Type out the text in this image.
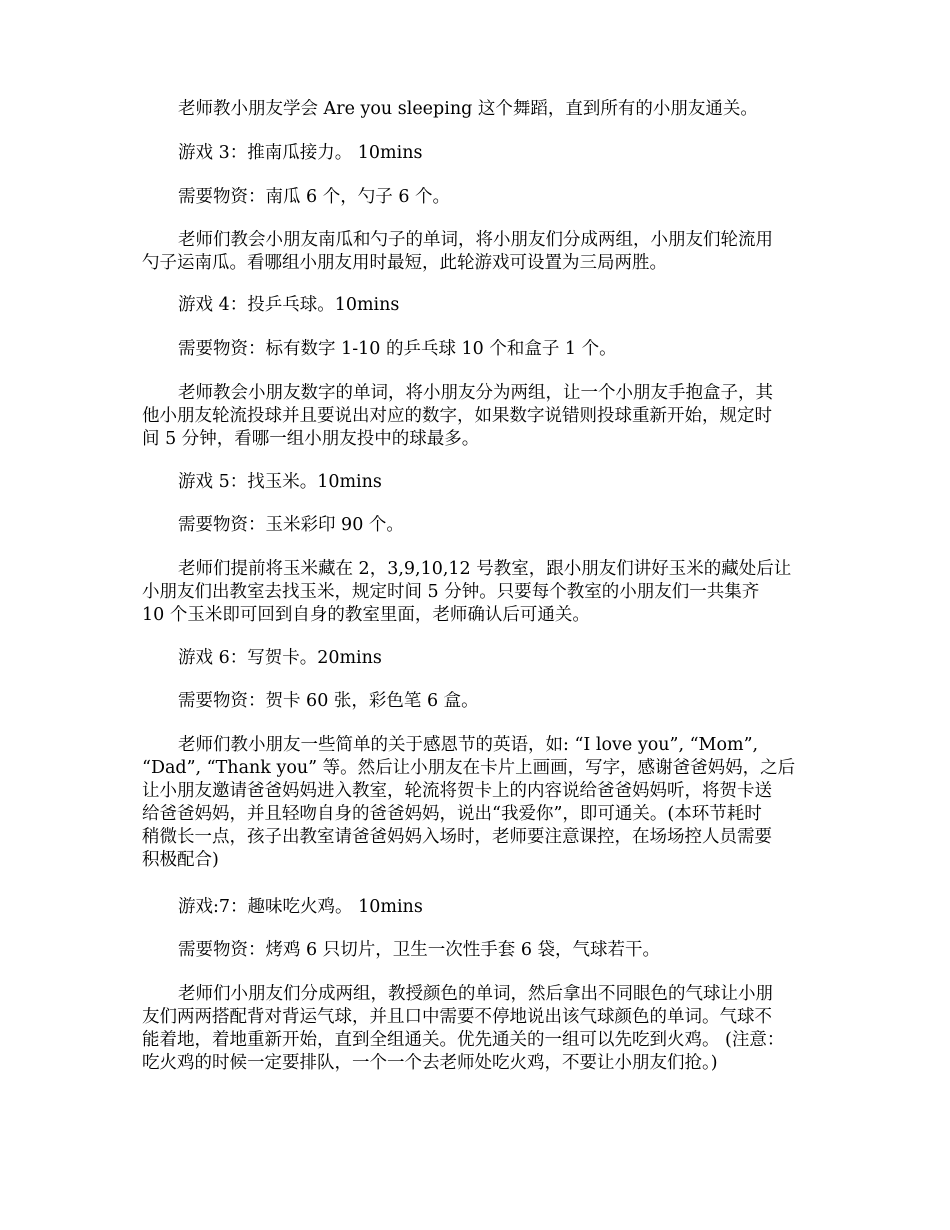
老师教小朋友学会 Are you sleeping 这个舞蹈，直到所有的小朋友通关。
游戏 3：推南瓜接力。 10mins
需要物资：南瓜 6 个，勺子 6 个。
老师们教会小朋友南瓜和勺子的单词，将小朋友们分成两组，小朋友们轮流用
勺子运南瓜。看哪组小朋友用时最短，此轮游戏可设置为三局两胜。
游戏 4：投乒乓球。10mins
需要物资：标有数字 1-10 的乒乓球 10 个和盒子 1 个。
老师教会小朋友数字的单词，将小朋友分为两组，让一个小朋友手抱盒子，其
他小朋友轮流投球并且要说出对应的数字，如果数字说错则投球重新开始，规定时
间 5 分钟，看哪一组小朋友投中的球最多。
游戏 5：找玉米。10mins
需要物资：玉米彩印 90 个。
老师们提前将玉米藏在 2，3,9,10,12 号教室，跟小朋友们讲好玉米的藏处后让
小朋友们出教室去找玉米，规定时间 5 分钟。只要每个教室的小朋友们一共集齐
10 个玉米即可回到自身的教室里面，老师确认后可通关。
游戏 6：写贺卡。20mins
需要物资：贺卡 60 张，彩色笔 6 盒。
老师们教小朋友一些简单的关于感恩节的英语，如: “I love you”, “Mom”,
“Dad”, “Thank you” 等。然后让小朋友在卡片上画画，写字，感谢爸爸妈妈，之后
让小朋友邀请爸爸妈妈进入教室，轮流将贺卡上的内容说给爸爸妈妈听，将贺卡送
给爸爸妈妈，并且轻吻自身的爸爸妈妈，说出“我爱你”，即可通关。(本环节耗时
稍微长一点，孩子出教室请爸爸妈妈入场时，老师要注意课控，在场场控人员需要
积极配合)
游戏:7：趣味吃火鸡。 10mins
需要物资：烤鸡 6 只切片，卫生一次性手套 6 袋，气球若干。
老师们小朋友们分成两组，教授颜色的单词，然后拿出不同眼色的气球让小朋
友们两两搭配背对背运气球，并且口中需要不停地说出该气球颜色的单词。气球不
能着地，着地重新开始，直到全组通关。优先通关的一组可以先吃到火鸡。 (注意：
吃火鸡的时候一定要排队，一个一个去老师处吃火鸡，不要让小朋友们抢。)
